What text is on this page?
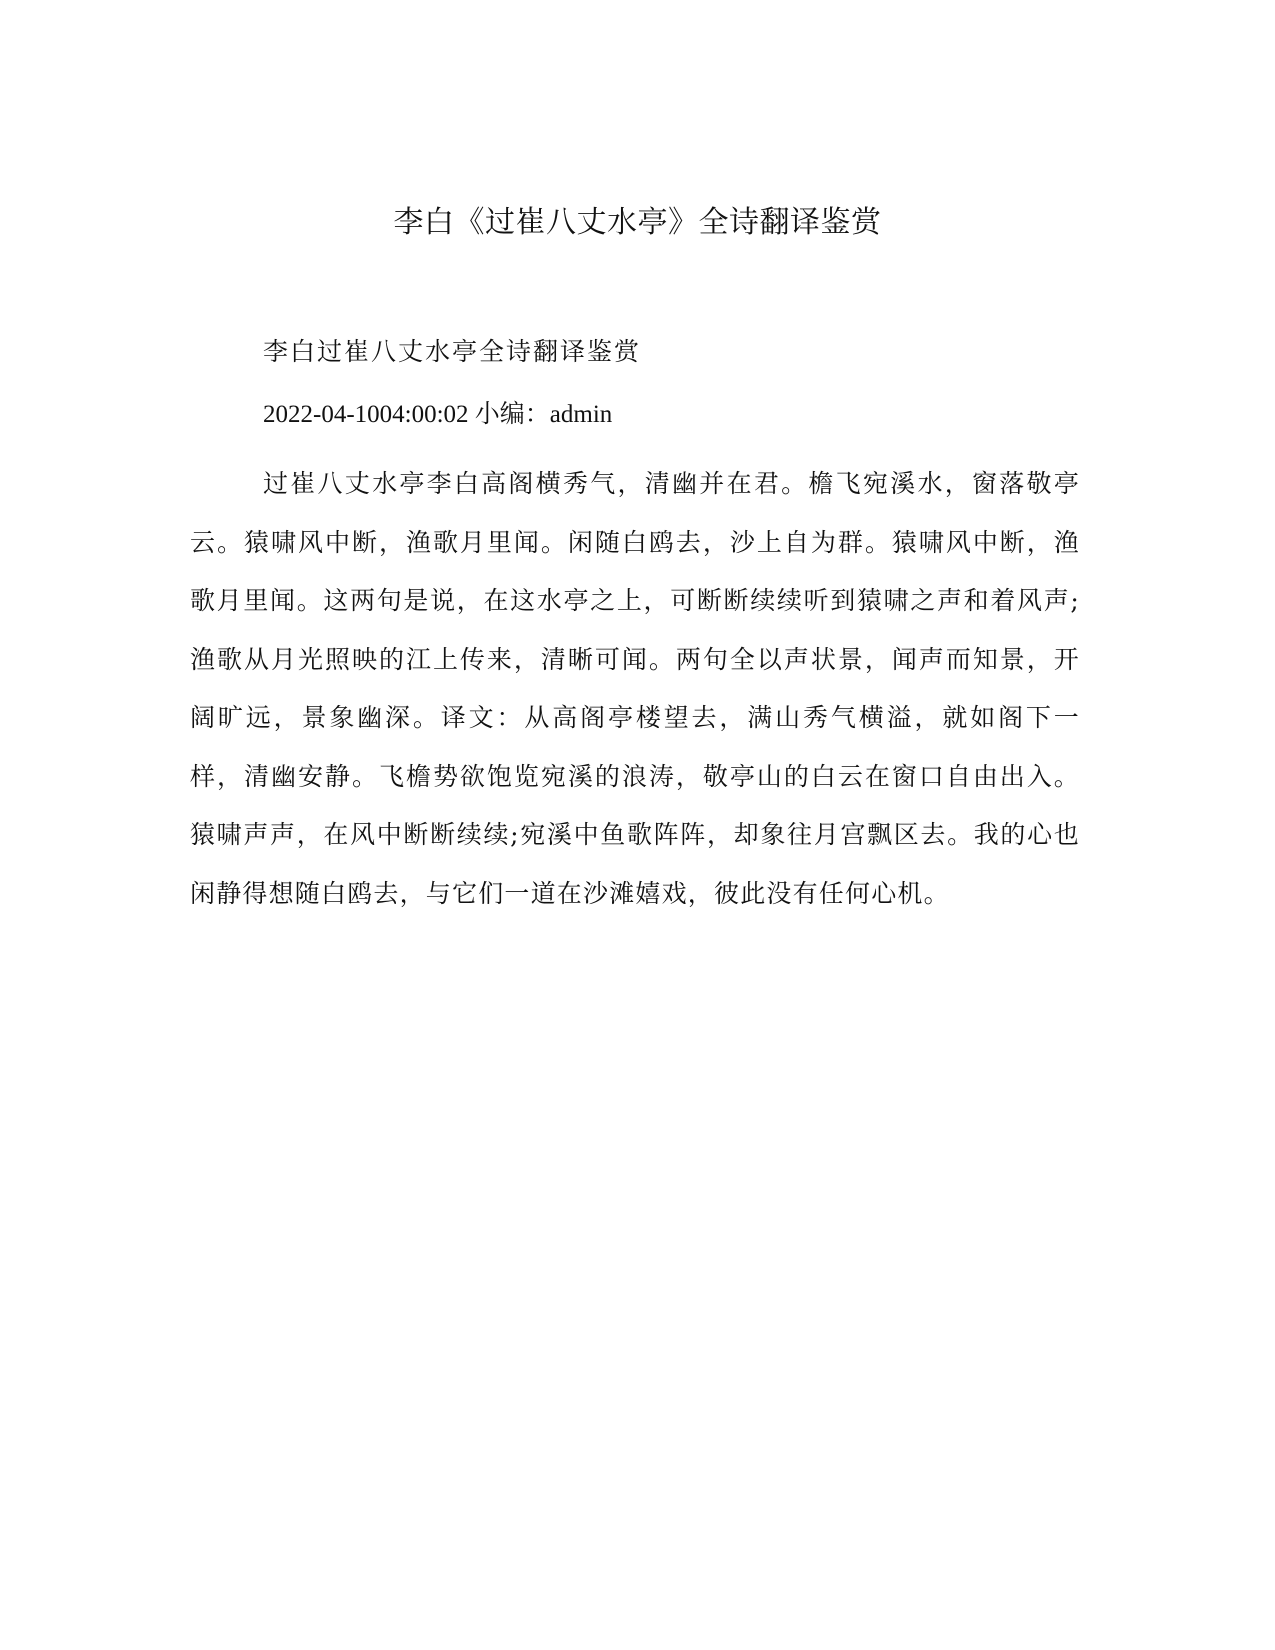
李白《过崔八丈水亭》全诗翻译鉴赏
李白过崔八丈水亭全诗翻译鉴赏
2022-04-1004:00:02 小编：admin
过崔八丈水亭李白高阁横秀气，清幽并在君。檐飞宛溪水，窗落敬亭云。猿啸风中断，渔歌月里闻。闲随白鸥去，沙上自为群。猿啸风中断，渔歌月里闻。这两句是说，在这水亭之上，可断断续续听到猿啸之声和着风声;渔歌从月光照映的江上传来，清晰可闻。两句全以声状景，闻声而知景，开阔旷远，景象幽深。译文：从高阁亭楼望去，满山秀气横溢，就如阁下一样，清幽安静。飞檐势欲饱览宛溪的浪涛，敬亭山的白云在窗口自由出入。猿啸声声，在风中断断续续;宛溪中鱼歌阵阵，却象往月宫飘区去。我的心也闲静得想随白鸥去，与它们一道在沙滩嬉戏，彼此没有任何心机。
